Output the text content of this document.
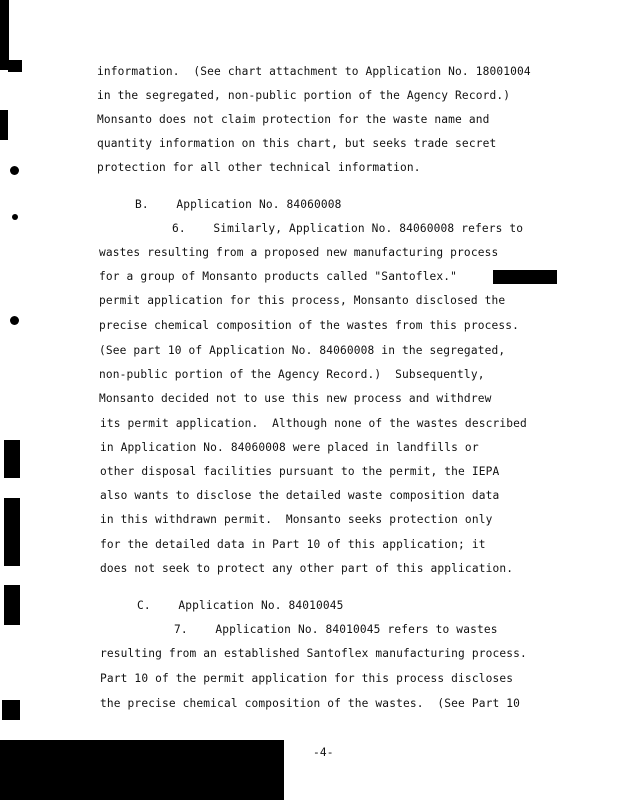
information.  (See chart attachment to Application No. 18001004
in the segregated, non-public portion of the Agency Record.)
Monsanto does not claim protection for the waste name and
quantity information on this chart, but seeks trade secret
protection for all other technical information.
B.    Application No. 84060008
6.    Similarly, Application No. 84060008 refers to
wastes resulting from a proposed new manufacturing process
for a group of Monsanto products called "Santoflex."
permit application for this process, Monsanto disclosed the
precise chemical composition of the wastes from this process.
(See part 10 of Application No. 84060008 in the segregated,
non-public portion of the Agency Record.)  Subsequently,
Monsanto decided not to use this new process and withdrew
its permit application.  Although none of the wastes described
in Application No. 84060008 were placed in landfills or
other disposal facilities pursuant to the permit, the IEPA
also wants to disclose the detailed waste composition data
in this withdrawn permit.  Monsanto seeks protection only
for the detailed data in Part 10 of this application; it
does not seek to protect any other part of this application.
C.    Application No. 84010045
7.    Application No. 84010045 refers to wastes
resulting from an established Santoflex manufacturing process.
Part 10 of the permit application for this process discloses
the precise chemical composition of the wastes.  (See Part 10
-4-
